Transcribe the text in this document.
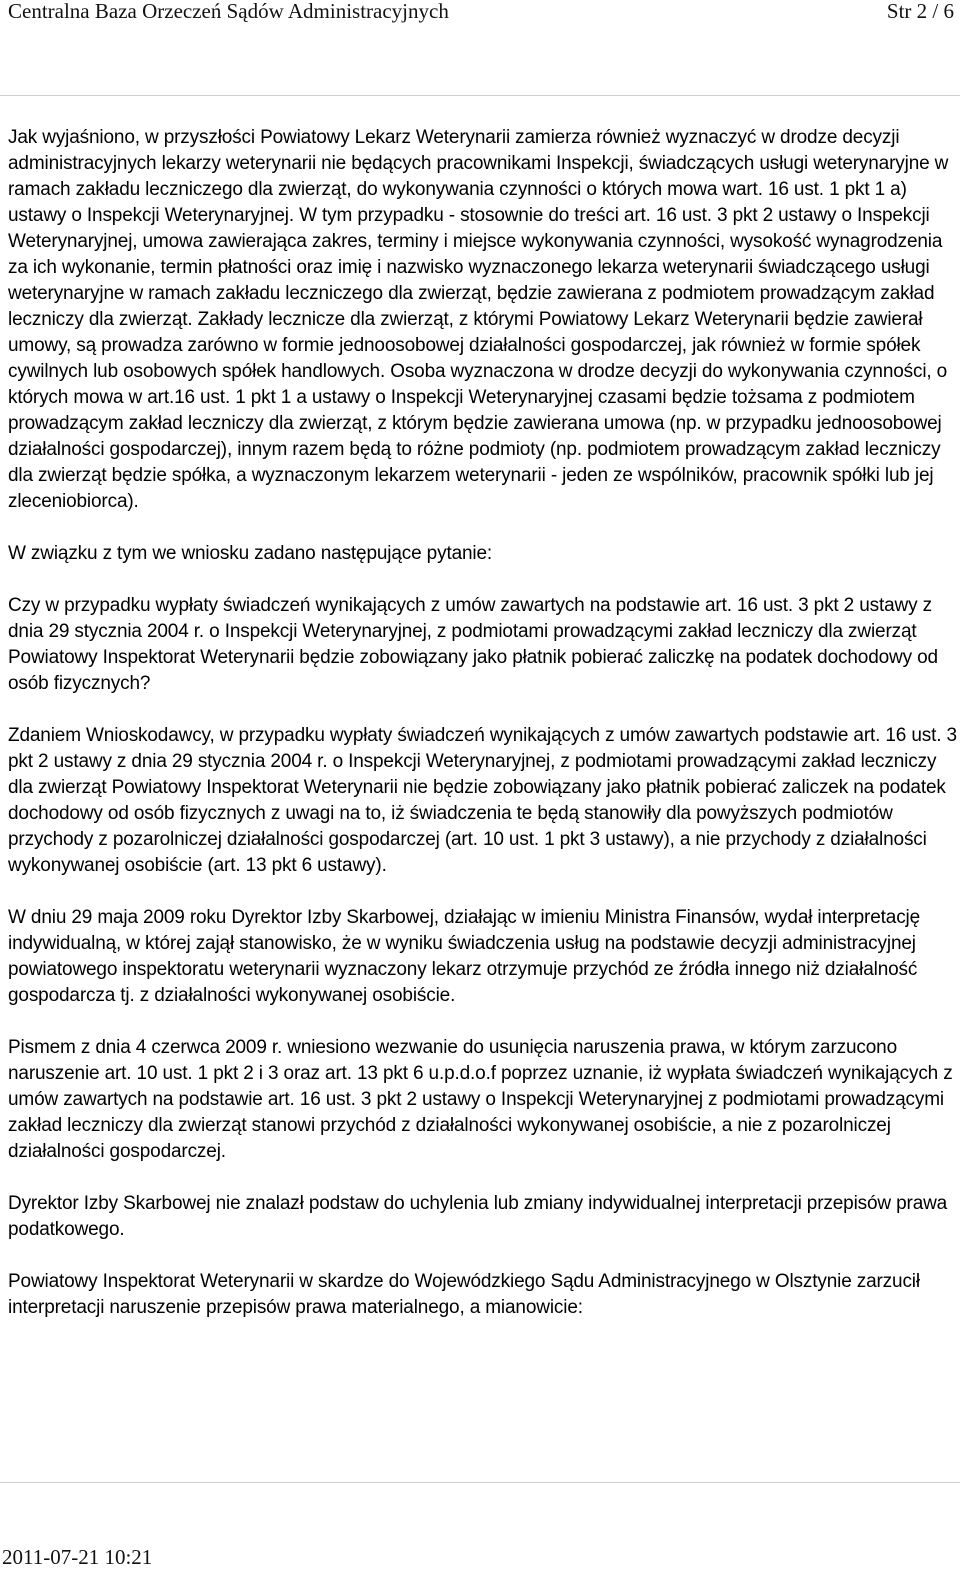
Centralna Baza Orzeczeń Sądów Administracyjnych	Str 2 / 6

Jak wyjaśniono, w przyszłości Powiatowy Lekarz Weterynarii zamierza również wyznaczyć w drodze decyzji administracyjnych lekarzy weterynarii nie będących pracownikami Inspekcji, świadczących usługi weterynaryjne w ramach zakładu leczniczego dla zwierząt, do wykonywania czynności o których mowa wart. 16 ust. 1 pkt 1 a) ustawy o Inspekcji Weterynaryjnej. W tym przypadku - stosownie do treści art. 16 ust. 3 pkt 2 ustawy o Inspekcji Weterynaryjnej, umowa zawierająca zakres, terminy i miejsce wykonywania czynności, wysokość wynagrodzenia za ich wykonanie, termin płatności oraz imię i nazwisko wyznaczonego lekarza weterynarii świadczącego usługi weterynaryjne w ramach zakładu leczniczego dla zwierząt, będzie zawierana z podmiotem prowadzącym zakład leczniczy dla zwierząt. Zakłady lecznicze dla zwierząt, z którymi Powiatowy Lekarz Weterynarii będzie zawierał umowy, są prowadza zarówno w formie jednoosobowej działalności gospodarczej, jak również w formie spółek cywilnych lub osobowych spółek handlowych. Osoba wyznaczona w drodze decyzji do wykonywania czynności, o których mowa w art.16 ust. 1 pkt 1 a ustawy o Inspekcji Weterynaryjnej czasami będzie tożsama z podmiotem prowadzącym zakład leczniczy dla zwierząt, z którym będzie zawierana umowa (np. w przypadku jednoosobowej działalności gospodarczej), innym razem będą to różne podmioty (np. podmiotem prowadzącym zakład leczniczy dla zwierząt będzie spółka, a wyznaczonym lekarzem weterynarii - jeden ze wspólników, pracownik spółki lub jej zleceniobiorca).

W związku z tym we wniosku zadano następujące pytanie:

Czy w przypadku wypłaty świadczeń wynikających z umów zawartych na podstawie art. 16 ust. 3 pkt 2 ustawy z dnia 29 stycznia 2004 r. o Inspekcji Weterynaryjnej, z podmiotami prowadzącymi zakład leczniczy dla zwierząt Powiatowy Inspektorat Weterynarii będzie zobowiązany jako płatnik pobierać zaliczkę na podatek dochodowy od osób fizycznych?

Zdaniem Wnioskodawcy, w przypadku wypłaty świadczeń wynikających z umów zawartych podstawie art. 16 ust. 3 pkt 2 ustawy z dnia 29 stycznia 2004 r. o Inspekcji Weterynaryjnej, z podmiotami prowadzącymi zakład leczniczy dla zwierząt Powiatowy Inspektorat Weterynarii nie będzie zobowiązany jako płatnik pobierać zaliczek na podatek dochodowy od osób fizycznych z uwagi na to, iż świadczenia te będą stanowiły dla powyższych podmiotów przychody z pozarolniczej działalności gospodarczej (art. 10 ust. 1 pkt 3 ustawy), a nie przychody z działalności wykonywanej osobiście (art. 13 pkt 6 ustawy).

W dniu 29 maja 2009 roku Dyrektor Izby Skarbowej, działając w imieniu Ministra Finansów, wydał interpretację indywidualną, w której zajął stanowisko, że w wyniku świadczenia usług na podstawie decyzji administracyjnej powiatowego inspektoratu weterynarii wyznaczony lekarz otrzymuje przychód ze źródła innego niż działalność gospodarcza tj. z działalności wykonywanej osobiście.

Pismem z dnia 4 czerwca 2009 r. wniesiono wezwanie do usunięcia naruszenia prawa, w którym zarzucono naruszenie art. 10 ust. 1 pkt 2 i 3 oraz art. 13 pkt 6 u.p.d.o.f poprzez uznanie, iż wypłata świadczeń wynikających z umów zawartych na podstawie art. 16 ust. 3 pkt 2 ustawy o Inspekcji Weterynaryjnej z podmiotami prowadzącymi zakład leczniczy dla zwierząt stanowi przychód z działalności wykonywanej osobiście, a nie z pozarolniczej działalności gospodarczej.

Dyrektor Izby Skarbowej nie znalazł podstaw do uchylenia lub zmiany indywidualnej interpretacji przepisów prawa podatkowego.

Powiatowy Inspektorat Weterynarii w skardze do Wojewódzkiego Sądu Administracyjnego w Olsztynie zarzucił interpretacji naruszenie przepisów prawa materialnego, a mianowicie:

2011-07-21 10:21
